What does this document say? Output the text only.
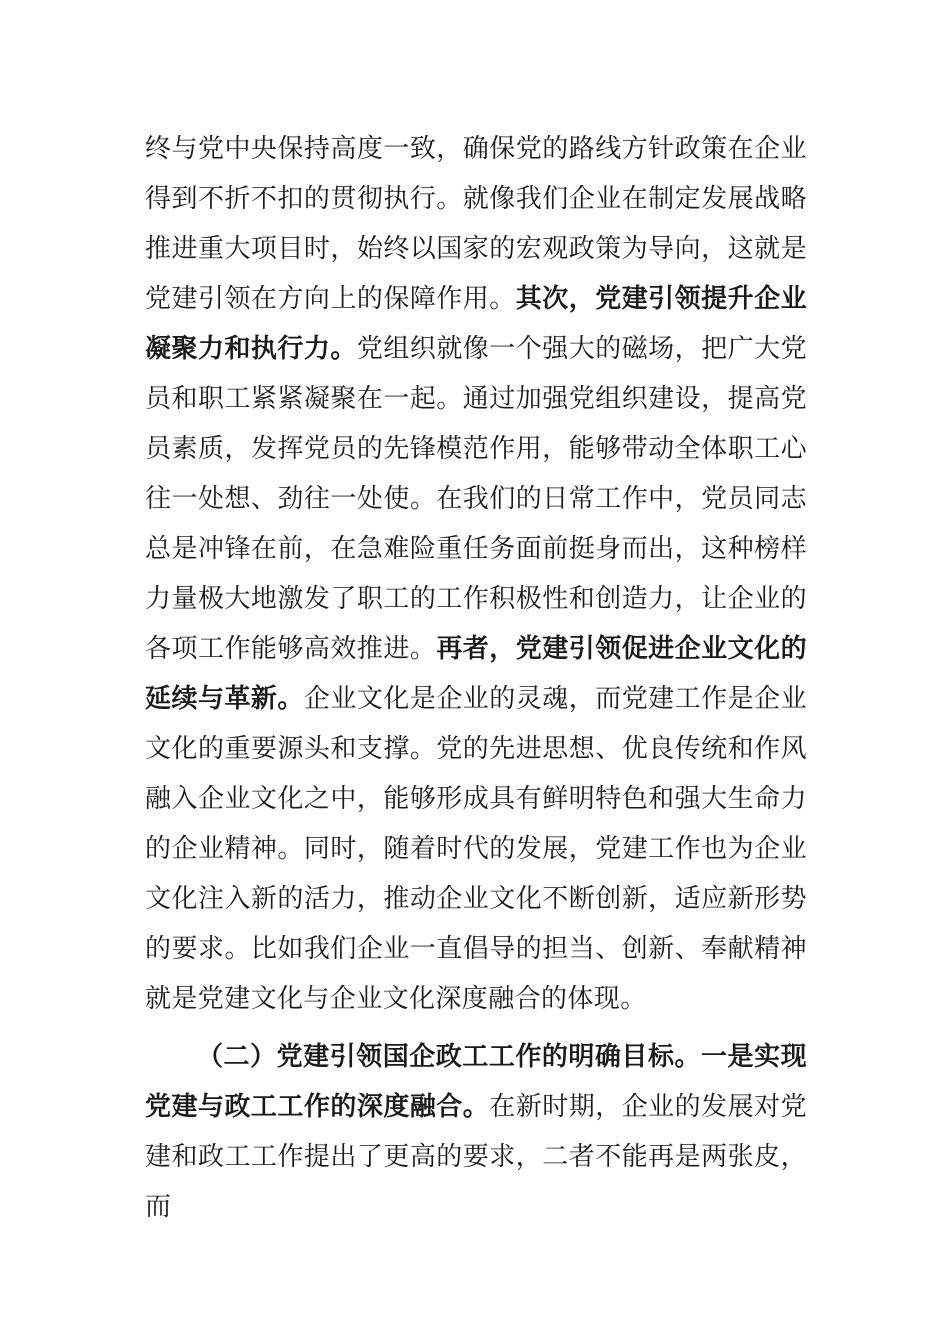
终与党中央保持高度一致，确保党的路线方针政策在企业得到不折不扣的贯彻执行。就像我们企业在制定发展战略推进重大项目时，始终以国家的宏观政策为导向，这就是党建引领在方向上的保障作用。其次，党建引领提升企业凝聚力和执行力。党组织就像一个强大的磁场，把广大党员和职工紧紧凝聚在一起。通过加强党组织建设，提高党员素质，发挥党员的先锋模范作用，能够带动全体职工心往一处想、劲往一处使。在我们的日常工作中，党员同志总是冲锋在前，在急难险重任务面前挺身而出，这种榜样力量极大地激发了职工的工作积极性和创造力，让企业的各项工作能够高效推进。再者，党建引领促进企业文化的延续与革新。企业文化是企业的灵魂，而党建工作是企业文化的重要源头和支撑。党的先进思想、优良传统和作风融入企业文化之中，能够形成具有鲜明特色和强大生命力的企业精神。同时，随着时代的发展，党建工作也为企业文化注入新的活力，推动企业文化不断创新，适应新形势的要求。比如我们企业一直倡导的担当、创新、奉献精神就是党建文化与企业文化深度融合的体现。

（二）党建引领国企政工工作的明确目标。一是实现党建与政工工作的深度融合。在新时期，企业的发展对党建和政工工作提出了更高的要求，二者不能再是两张皮，而
